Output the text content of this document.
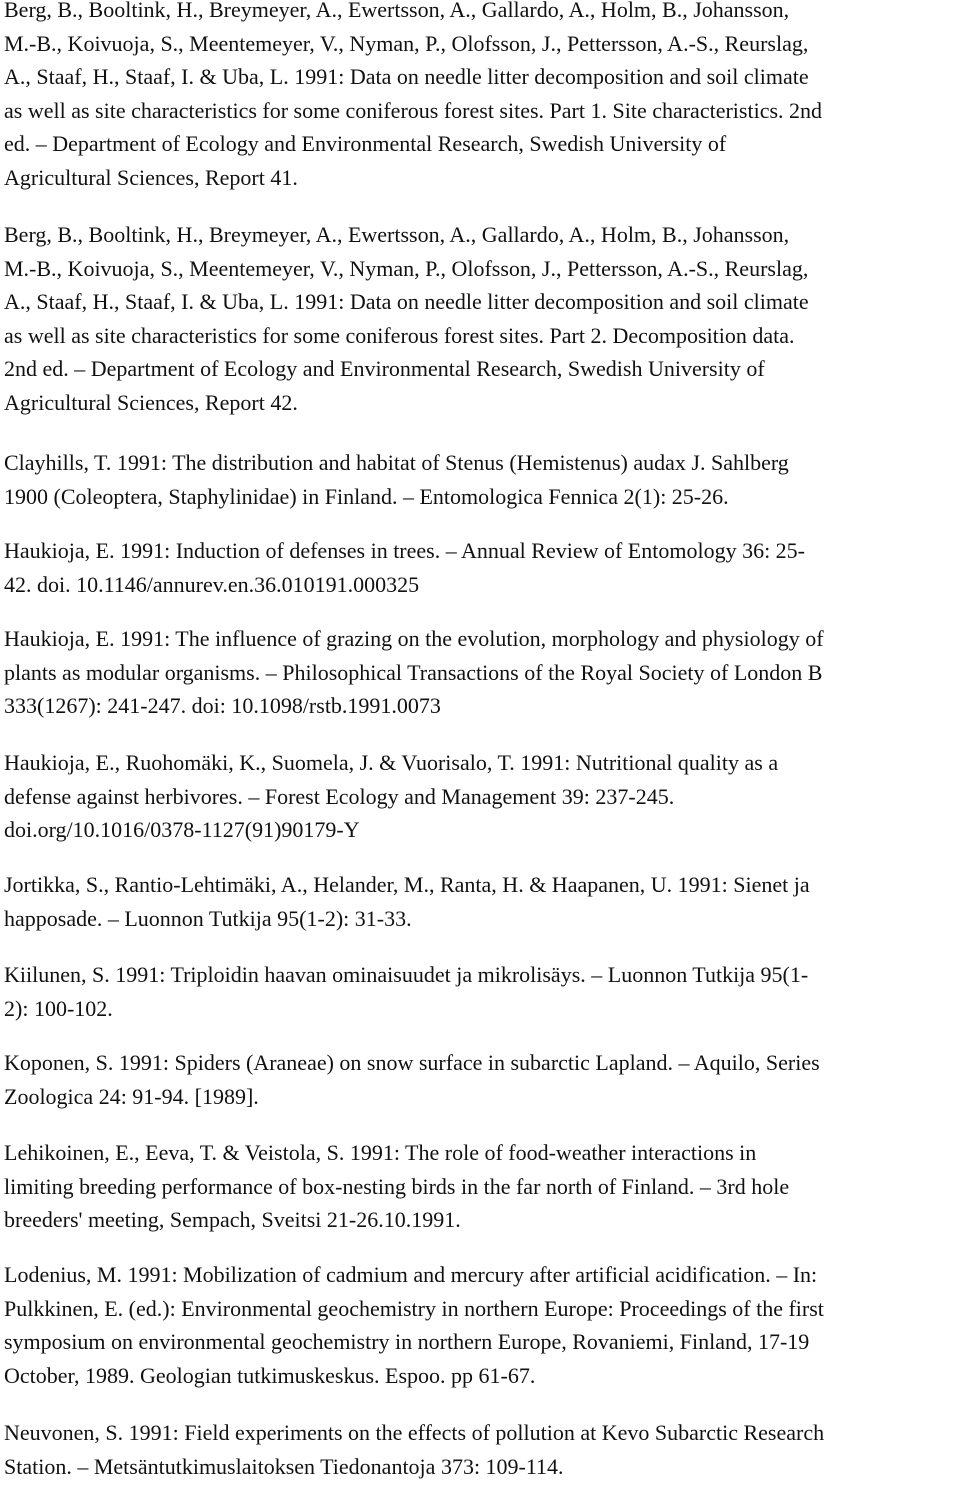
Berg, B., Booltink, H., Breymeyer, A., Ewertsson, A., Gallardo, A., Holm, B., Johansson,
M.-B., Koivuoja, S., Meentemeyer, V., Nyman, P., Olofsson, J., Pettersson, A.-S., Reurslag,
A., Staaf, H., Staaf, I. & Uba, L. 1991: Data on needle litter decomposition and soil climate
as well as site characteristics for some coniferous forest sites. Part 1. Site characteristics. 2nd
ed. – Department of Ecology and Environmental Research, Swedish University of
Agricultural Sciences, Report 41.

Berg, B., Booltink, H., Breymeyer, A., Ewertsson, A., Gallardo, A., Holm, B., Johansson,
M.-B., Koivuoja, S., Meentemeyer, V., Nyman, P., Olofsson, J., Pettersson, A.-S., Reurslag,
A., Staaf, H., Staaf, I. & Uba, L. 1991: Data on needle litter decomposition and soil climate
as well as site characteristics for some coniferous forest sites. Part 2. Decomposition data.
2nd ed. – Department of Ecology and Environmental Research, Swedish University of
Agricultural Sciences, Report 42.

Clayhills, T. 1991: The distribution and habitat of Stenus (Hemistenus) audax J. Sahlberg
1900 (Coleoptera, Staphylinidae) in Finland. – Entomologica Fennica 2(1): 25-26.

Haukioja, E. 1991: Induction of defenses in trees. – Annual Review of Entomology 36: 25-
42. doi. 10.1146/annurev.en.36.010191.000325

Haukioja, E. 1991: The influence of grazing on the evolution, morphology and physiology of
plants as modular organisms. – Philosophical Transactions of the Royal Society of London B
333(1267): 241-247. doi: 10.1098/rstb.1991.0073

Haukioja, E., Ruohomäki, K., Suomela, J. & Vuorisalo, T. 1991: Nutritional quality as a
defense against herbivores. – Forest Ecology and Management 39: 237-245.
doi.org/10.1016/0378-1127(91)90179-Y

Jortikka, S., Rantio-Lehtimäki, A., Helander, M., Ranta, H. & Haapanen, U. 1991: Sienet ja
happosade. – Luonnon Tutkija 95(1-2): 31-33.

Kiilunen, S. 1991: Triploidin haavan ominaisuudet ja mikrolisäys. – Luonnon Tutkija 95(1-
2): 100-102.

Koponen, S. 1991: Spiders (Araneae) on snow surface in subarctic Lapland. – Aquilo, Series
Zoologica 24: 91-94. [1989].

Lehikoinen, E., Eeva, T. & Veistola, S. 1991: The role of food-weather interactions in
limiting breeding performance of box-nesting birds in the far north of Finland. – 3rd hole
breeders' meeting, Sempach, Sveitsi 21-26.10.1991.

Lodenius, M. 1991: Mobilization of cadmium and mercury after artificial acidification. – In:
Pulkkinen, E. (ed.): Environmental geochemistry in northern Europe: Proceedings of the first
symposium on environmental geochemistry in northern Europe, Rovaniemi, Finland, 17-19
October, 1989. Geologian tutkimuskeskus. Espoo. pp 61-67.

Neuvonen, S. 1991: Field experiments on the effects of pollution at Kevo Subarctic Research
Station. – Metsäntutkimuslaitoksen Tiedonantoja 373: 109-114.
